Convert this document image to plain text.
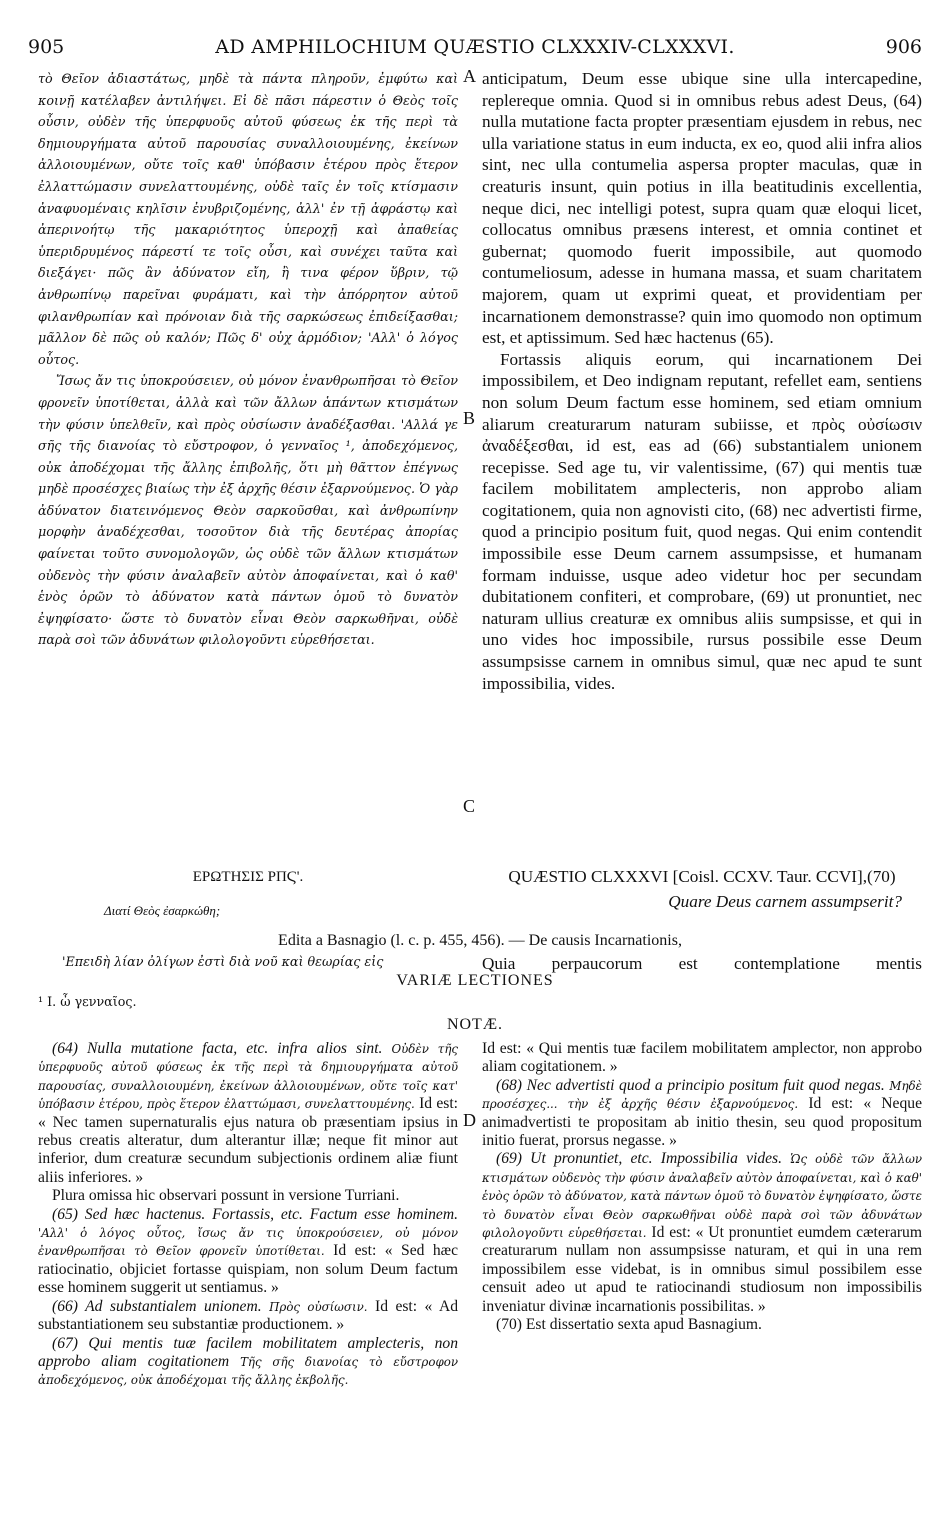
905	AD AMPHILOCHIUM QUÆSTIO CLXXXIV-CLXXXVI.	906

τὸ Θεῖον ἀδιαστάτως, μηδὲ τὰ πάντα πληροῦν, ἐμφύτω καὶ κοινῇ κατέλαβεν ἀντιλήψει. Εἰ δὲ πᾶσι πάρεστιν ὁ Θεὸς τοῖς οὖσιν, οὐδὲν τῆς ὑπερφυοῦς αὐτοῦ φύσεως ἐκ τῆς περὶ τὰ δημιουργήματα αὐτοῦ παρουσίας συναλλοιουμένης, ἐκείνων ἀλλοιουμένων, οὔτε τοῖς καθ' ὑπόβασιν ἑτέρου πρὸς ἕτερον ἐλλαττώμασιν συνελαττουμένης, οὐδὲ ταῖς ἐν τοῖς κτίσμασιν ἀναφυομέναις κηλῖσιν ἐνυβριζομένης, ἀλλ' ἐν τῇ ἀφράστῳ καὶ ἀπερινοήτῳ τῆς μακαριότητος ὑπεροχῇ καὶ ἀπαθείας ὑπεριδρυμένος πάρεστί τε τοῖς οὖσι, καὶ συνέχει ταῦτα καὶ διεξάγει· πῶς ἂν ἀδύνατον εἴη, ἢ τινα φέρον ὕβριν, τῷ ἀνθρωπίνῳ παρεῖναι φυράματι, καὶ τὴν ἀπόρρητον αὐτοῦ φιλανθρωπίαν καὶ πρόνοιαν διὰ τῆς σαρκώσεως ἐπιδείξασθαι; μᾶλλον δὲ πῶς οὐ καλόν; Πῶς δ' οὐχ ἁρμόδιον; 'Αλλ' ὁ λόγος οὗτος.

Ἴσως ἄν τις ὑποκρούσειεν, οὐ μόνον ἐνανθρωπῆσαι τὸ Θεῖον φρονεῖν ὑποτίθεται, ἀλλὰ καὶ τῶν ἄλλων ἁπάντων κτισμάτων τὴν φύσιν ὑπελθεῖν, καὶ πρὸς οὐσίωσιν ἀναδέξασθαι. 'Αλλά γε σῆς τῆς διανοίας τὸ εὔστροφον, ὁ γενναῖος ¹, ἀποδεχόμενος, οὐκ ἀποδέχομαι τῆς ἄλλης ἐπιβολῆς, ὅτι μὴ θᾶττον ἐπέγνως μηδὲ προσέσχες βιαίως τὴν ἐξ ἀρχῆς θέσιν ἐξαρνούμενος. Ὁ γὰρ ἀδύνατον διατεινόμενος Θεὸν σαρκοῦσθαι, καὶ ἀνθρωπίνην μορφὴν ἀναδέχεσθαι, τοσοῦτον διὰ τῆς δευτέρας ἀπορίας φαίνεται τοῦτο συνομολογῶν, ὡς οὐδὲ τῶν ἄλλων κτισμάτων οὐδενὸς τὴν φύσιν ἀναλαβεῖν αὐτὸν ἀποφαίνεται, καὶ ὁ καθ' ἑνὸς ὁρῶν τὸ ἀδύνατον κατὰ πάντων ὁμοῦ τὸ δυνατὸν ἐψηφίσατο· ὥστε τὸ δυνατὸν εἶναι Θεὸν σαρκωθῆναι, οὐδὲ παρὰ σοὶ τῶν ἀδυνάτων φιλολογοῦντι εὑρεθήσεται.

anticipatum, Deum esse ubique sine ulla intercapedine, replereque omnia. Quod si in omnibus rebus adest Deus, (64) nulla mutatione facta propter præsentiam ejusdem in rebus, nec ulla variatione status in eum inducta, ex eo, quod alii infra alios sint, nec ulla contumelia aspersa propter maculas, quæ in creaturis insunt, quin potius in illa beatitudinis excellentia, neque dici, nec intelligi potest, supra quam quæ eloqui licet, collocatus omnibus præsens interest, et omnia continet et gubernat; quomodo fuerit impossibile, aut quomodo contumeliosum, adesse in humana massa, et suam charitatem majorem, quam ut exprimi queat, et providentiam per incarnationem demonstrasse? quin imo quomodo non optimum est, et aptissimum. Sed hæc hactenus (65).

Fortassis aliquis eorum, qui incarnationem Dei impossibilem, et Deo indignam reputant, refellet eam, sentiens non solum Deum factum esse hominem, sed etiam omnium aliarum creaturarum naturam subiisse, et πρὸς οὐσίωσιν ἀναδέξεσθαι, id est, eas ad (66) substantialem unionem recepisse. Sed age tu, vir valentissime, (67) qui mentis tuæ facilem mobilitatem amplecteris, non approbo aliam cogitationem, quia non agnovisti cito, (68) nec advertisti firme, quod a principio positum fuit, quod negas. Qui enim contendit impossibile esse Deum carnem assumpsisse, et humanam formam induisse, usque adeo videtur hoc per secundam dubitationem confiteri, et comprobare, (69) ut pronuntiet, nec naturam ullius creaturæ ex omnibus aliis sumpsisse, et qui in uno vides hoc impossibile, rursus possibile esse Deum assumpsisse carnem in omnibus simul, quæ nec apud te sunt impossibilia, vides.

A
B
C
D
ΕΡΩΤΗΣΙΣ ΡΠϚ'.
Διατί Θεὸς ἐσαρκώθη;
QUÆSTIO CLXXXVI [Coisl. CCXV. Taur. CCVI],(70)
Quare Deus carnem assumpserit?
Edita a Basnagio (l. c. p. 455, 456). — De causis Incarnationis,
'Επειδὴ λίαν ὀλίγων ἐστὶ διὰ νοῦ καὶ θεωρίας εἰς	Quia perpaucorum est contemplatione mentis
VARIÆ LECTIONES
¹ I. ὦ γενναῖος.
NOTÆ.

(64) Nulla mutatione facta, etc. infra alios sint. Οὐδὲν τῆς ὑπερφυοῦς αὐτοῦ φύσεως ἐκ τῆς περὶ τὰ δημιουργήματα αὐτοῦ παρουσίας, συναλλοιουμένη, ἐκείνων ἀλλοιουμένων, οὔτε τοῖς κατ' ὑπόβασιν ἑτέρου, πρὸς ἕτερον ἐλαττώμασι, συνελαττουμένης. Id est: « Nec tamen supernaturalis ejus natura ob præsentiam ipsius in rebus creatis alteratur, dum alterantur illæ; neque fit minor aut inferior, dum creaturæ secundum subjectionis ordinem aliæ fiunt aliis inferiores. »

Plura omissa hic observari possunt in versione Turriani.

(65) Sed hæc hactenus. Fortassis, etc. Factum esse hominem. 'Αλλ' ὁ λόγος οὗτος, ἴσως ἄν τις ὑποκρούσειεν, οὐ μόνον ἐνανθρωπῆσαι τὸ Θεῖον φρονεῖν ὑποτίθεται. Id est: « Sed hæc ratiocinatio, objiciet fortasse quispiam, non solum Deum factum esse hominem suggerit ut sentiamus. »

(66) Ad substantialem unionem. Πρὸς οὐσίωσιν. Id est: « Ad substantiationem seu substantiæ productionem. »

(67) Qui mentis tuæ facilem mobilitatem amplecteris, non approbo aliam cogitationem Τῆς σῆς διανοίας τὸ εὔστροφον ἀποδεχόμενος, οὐκ ἀποδέχομαι τῆς ἄλλης ἐκβολῆς.

Id est: « Qui mentis tuæ facilem mobilitatem amplector, non approbo aliam cogitationem. »

(68) Nec advertisti quod a principio positum fuit quod negas. Μηδὲ προσέσχες... τὴν ἐξ ἀρχῆς θέσιν ἐξαρνούμενος. Id est: « Neque animadvertisti te propositam ab initio thesin, seu quod propositum initio fuerat, prorsus negasse. »

(69) Ut pronuntiet, etc. Impossibilia vides. Ὡς οὐδὲ τῶν ἄλλων κτισμάτων οὐδενὸς τὴν φύσιν ἀναλαβεῖν αὐτὸν ἀποφαίνεται, καὶ ὁ καθ' ἑνὸς ὁρῶν τὸ ἀδύνατον, κατὰ πάντων ὁμοῦ τὸ δυνατὸν ἐψηφίσατο, ὥστε τὸ δυνατὸν εἶναι Θεὸν σαρκωθῆναι οὐδὲ παρὰ σοὶ τῶν ἀδυνάτων φιλολογοῦντι εὑρεθήσεται. Id est: « Ut pronuntiet eumdem cæterarum creaturarum nullam non assumpsisse naturam, et qui in una rem impossibilem esse videbat, is in omnibus simul possibilem esse censuit adeo ut apud te ratiocinandi studiosum non impossibilis inveniatur divinæ incarnationis possibilitas. »

(70) Est dissertatio sexta apud Basnagium.
